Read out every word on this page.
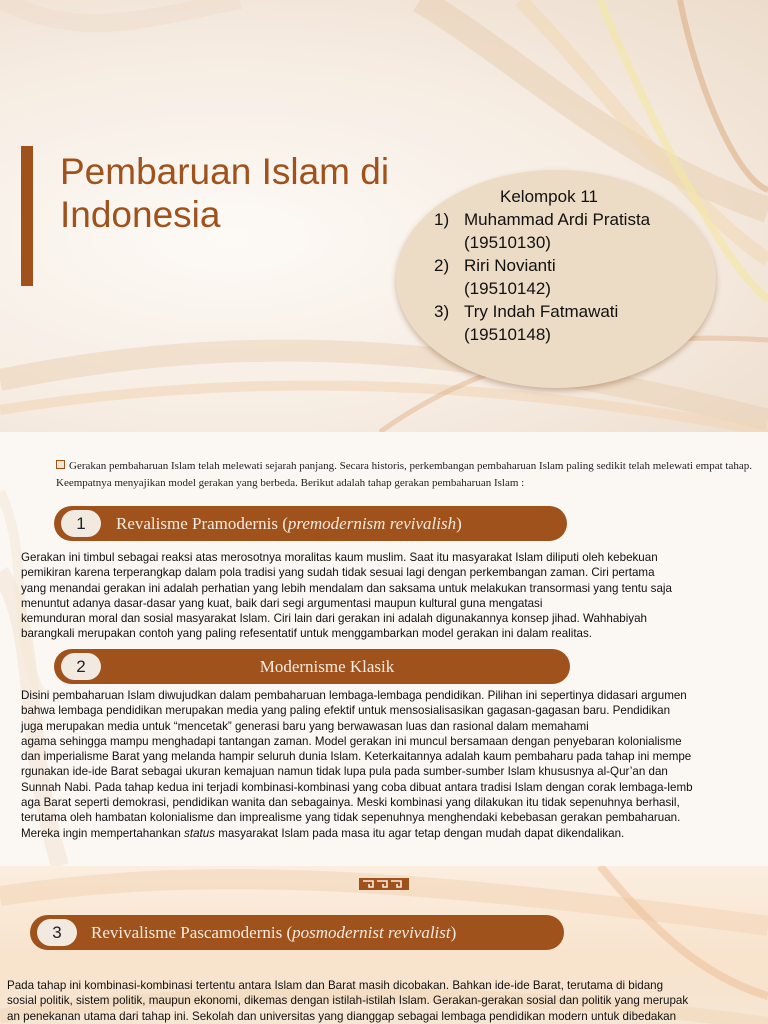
Pembaruan Islam di Indonesia	Kelompok 11
1) Muhammad Ardi Pratista
(19510130)
2) Riri Novianti
(19510142)
3) Try Indah Fatmawati
(19510148)
Gerakan pembaharuan Islam telah melewati sejarah panjang. Secara historis, perkembangan pembaharuan Islam paling sedikit telah melewati empat tahap. Keempatnya menyajikan model gerakan yang berbeda. Berikut adalah tahap gerakan pembaharuan Islam :
1	Revalisme Pramodernis (premodernism revivalish)

Gerakan ini timbul sebagai reaksi atas merosotnya moralitas kaum muslim. Saat itu masyarakat Islam diliputi oleh kebekuan

pemikiran karena terperangkap dalam pola tradisi yang sudah tidak sesuai lagi dengan perkembangan zaman. Ciri pertama

yang menandai gerakan ini adalah perhatian yang lebih mendalam dan saksama untuk melakukan transormasi yang tentu saja

menuntut adanya dasar-dasar yang kuat, baik dari segi argumentasi maupun kultural guna mengatasi

kemunduran moral dan sosial masyarakat Islam. Ciri lain dari gerakan ini adalah digunakannya konsep jihad. Wahhabiyah

barangkali merupakan contoh yang paling refesentatif untuk menggambarkan model gerakan ini dalam realitas.

2	Modernisme Klasik

Disini pembaharuan Islam diwujudkan dalam pembaharuan lembaga-lembaga pendidikan. Pilihan ini sepertinya didasari argumen

bahwa lembaga pendidikan merupakan media yang paling efektif untuk mensosialisasikan gagasan-gagasan baru. Pendidikan

juga merupakan media untuk “mencetak” generasi baru yang berwawasan luas dan rasional dalam memahami

agama sehingga mampu menghadapi tantangan zaman. Model gerakan ini muncul bersamaan dengan penyebaran kolonialisme

dan imperialisme Barat yang melanda hampir seluruh dunia Islam. Keterkaitannya adalah kaum pembaharu pada tahap ini mempe

rgunakan ide-ide Barat sebagai ukuran kemajuan namun tidak lupa pula pada sumber-sumber Islam khususnya al-Qur’an dan

Sunnah Nabi. Pada tahap kedua ini terjadi kombinasi-kombinasi yang coba dibuat antara tradisi Islam dengan corak lembaga-lemb

aga Barat seperti demokrasi, pendidikan wanita dan sebagainya. Meski kombinasi yang dilakukan itu tidak sepenuhnya berhasil,

terutama oleh hambatan kolonialisme dan imprealisme yang tidak sepenuhnya menghendaki kebebasan gerakan pembaharuan.

Mereka ingin mempertahankan status masyarakat Islam pada masa itu agar tetap dengan mudah dapat dikendalikan.

3	Revivalisme Pascamodernis (posmodernist revivalist)

Pada tahap ini kombinasi-kombinasi tertentu antara Islam dan Barat masih dicobakan. Bahkan ide-ide Barat, terutama di bidang

sosial politik, sistem politik, maupun ekonomi, dikemas dengan istilah-istilah Islam. Gerakan-gerakan sosial dan politik yang merupak

an penekanan utama dari tahap ini. Sekolah dan universitas yang dianggap sebagai lembaga pendidikan modern untuk dibedakan
